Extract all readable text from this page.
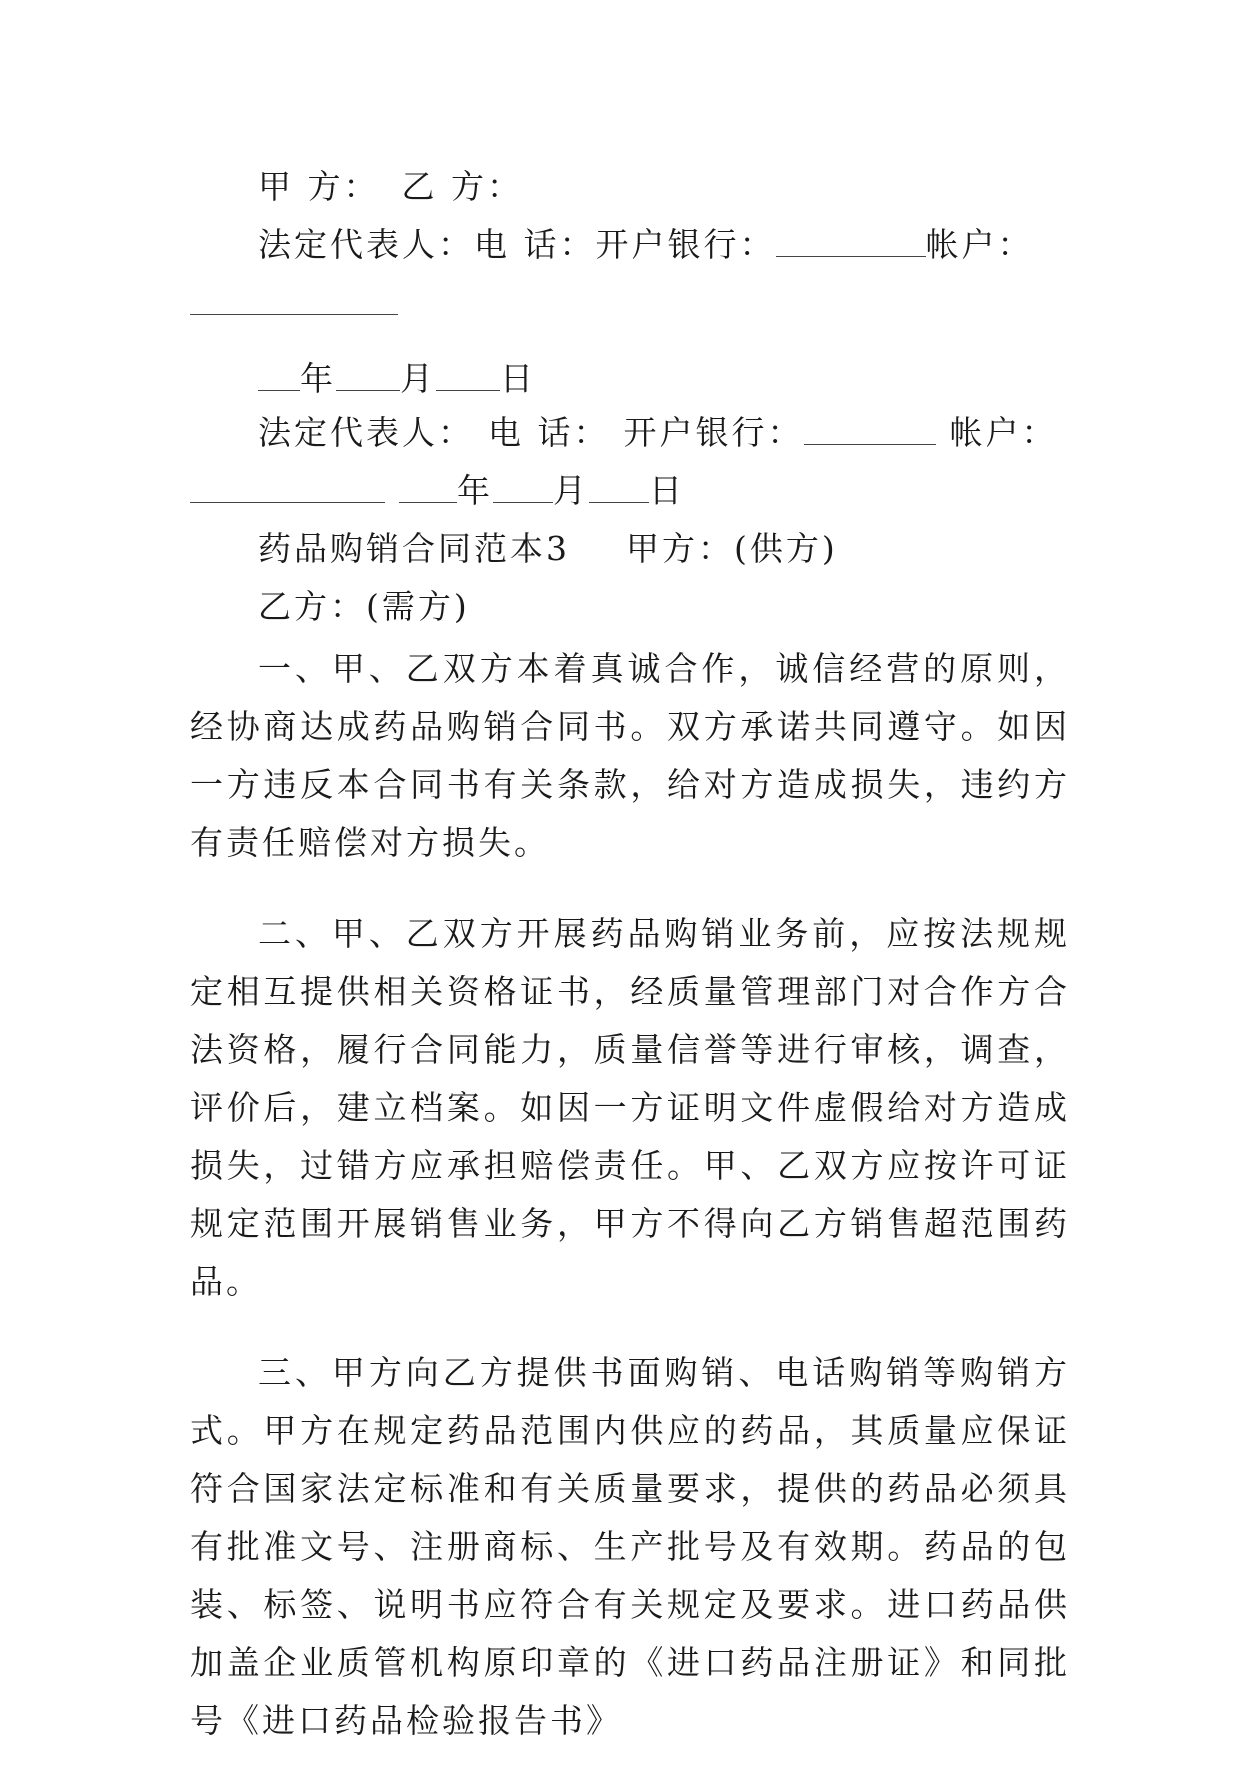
甲 方： 乙 方：
法定代表人：电 话：开户银行：	帐户：
年 月 日
法定代表人： 电 话： 开户银行：	帐户：
年 月 日
药品购销合同范本3 甲方：(供方)
乙方：(需方)

一、甲、乙双方本着真诚合作，诚信经营的原则，经协商达成药品购销合同书。双方承诺共同遵守。如因一方违反本合同书有关条款，给对方造成损失，违约方有责任赔偿对方损失。

二、甲、乙双方开展药品购销业务前，应按法规规定相互提供相关资格证书，经质量管理部门对合作方合法资格，履行合同能力，质量信誉等进行审核，调查，评价后，建立档案。如因一方证明文件虚假给对方造成损失，过错方应承担赔偿责任。甲、乙双方应按许可证规定范围开展销售业务，甲方不得向乙方销售超范围药品。

三、甲方向乙方提供书面购销、电话购销等购销方式。甲方在规定药品范围内供应的药品，其质量应保证符合国家法定标准和有关质量要求，提供的药品必须具有批准文号、注册商标、生产批号及有效期。药品的包装、标签、说明书应符合有关规定及要求。进口药品供加盖企业质管机构原印章的《进口药品注册证》和同批号《进口药品检验报告书》
